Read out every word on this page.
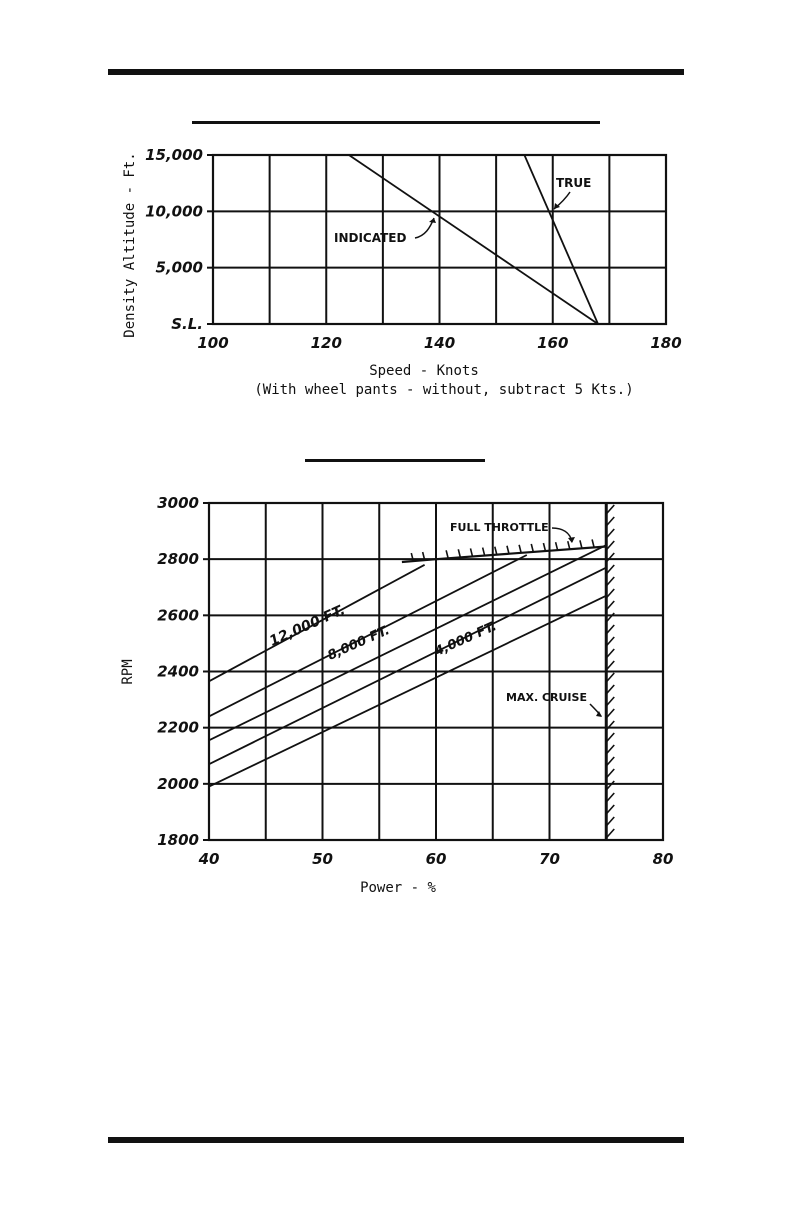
100	120	140	160	180
S.L.
5,000
10,000
15,000
Density Altitude - Ft.
Speed - Knots
(With wheel pants - without, subtract 5 Kts.)
INDICATED
TRUE
40	50	60	70	80
1800
2000
2200
2400
2600
2800
3000
RPM
Power - %
12,000 FT.
8,000 FT.	4,000 FT.
FULL THROTTLE
MAX. CRUISE
